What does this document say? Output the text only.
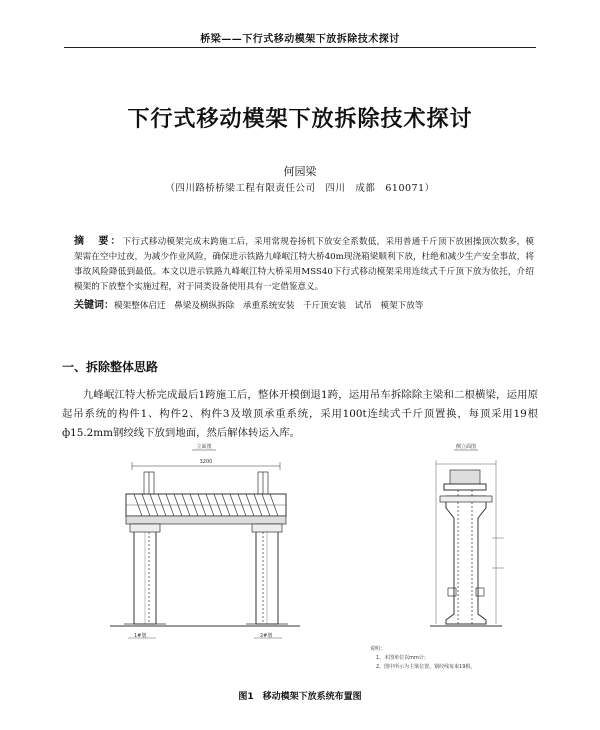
桥梁——下行式移动模架下放拆除技术探讨
下行式移动模架下放拆除技术探讨
何园梁
（四川路桥桥梁工程有限责任公司　四川　成都　610071）
摘　要：下行式移动模架完成末跨施工后，采用常规卷扬机下放安全系数低，采用普通千斤顶下放困操顶次数多，模架需在空中过夜，为减少作业风险，确保进示铁路九峰岷江特大桥40m现浇箱梁顺利下放，杜绝和减少生产安全事故，将事故风险降低到最低。本文以进示铁路九峰岷江特大桥采用MSS40下行式移动模架采用连续式千斤顶下放为依托，介绍模架的下放整个实施过程，对于同类设备使用具有一定借鉴意义。
关键词：模架整体启迁　鼻梁及横纵拆除　承重系统安装　千斤顶安装　试吊　模架下放等
一、拆除整体思路
九峰岷江特大桥完成最后1跨施工后，整体开模倒退1跨，运用吊车拆除除主梁和二根横梁，运用原起吊系统的构件1、构件2、构件3及墩顶承重系统，采用100t连续式千斤顶置换，每顶采用19根ф15.2mm钢绞线下放到地面，然后解体转运入库。
立面图
3200
1#墩	2#墩
侧立面图
说明：
1、本图单位以mm计；
2、图中所示为主梁位置，钢绞线每束19根。
图1　移动模架下放系统布置图
